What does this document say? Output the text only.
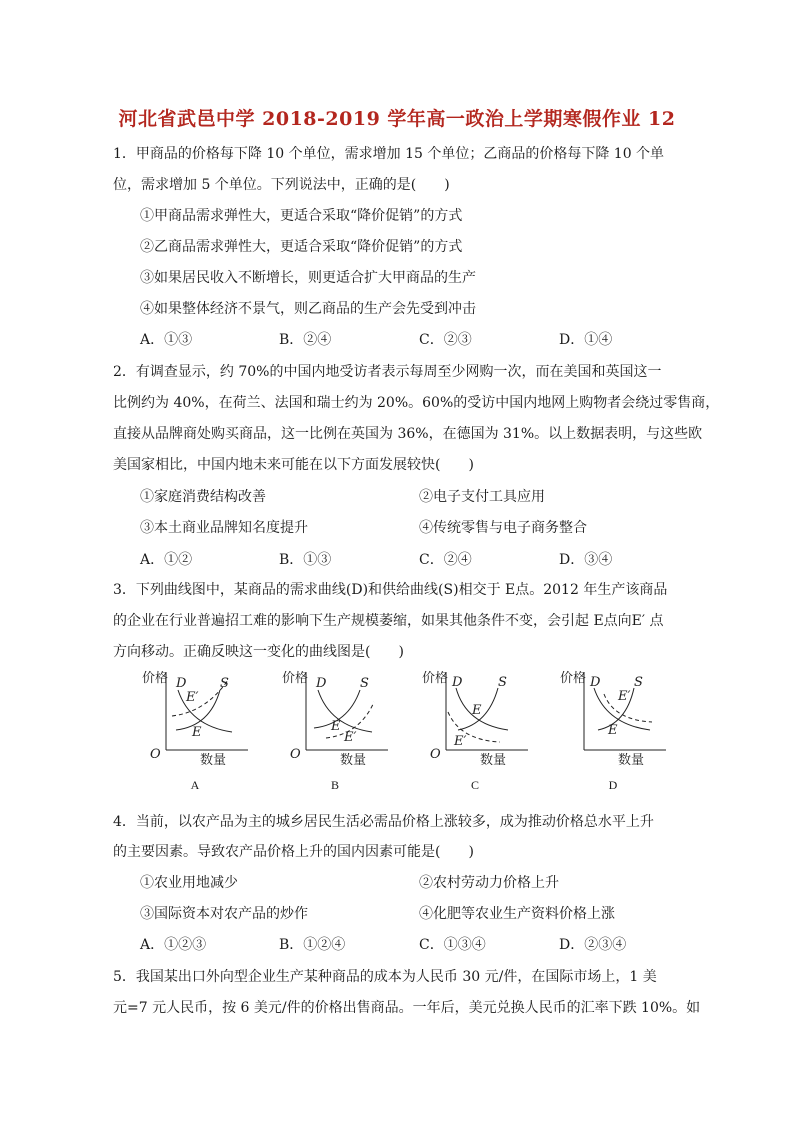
河北省武邑中学 2018-2019 学年高一政治上学期寒假作业 12
1．甲商品的价格每下降 10 个单位，需求增加 15 个单位；乙商品的价格每下降 10 个单
位，需求增加 5 个单位。下列说法中，正确的是(　　)
①甲商品需求弹性大，更适合采取“降价促销”的方式
②乙商品需求弹性大，更适合采取“降价促销”的方式
③如果居民收入不断增长，则更适合扩大甲商品的生产
④如果整体经济不景气，则乙商品的生产会先受到冲击
A．①③	B．②④	C．②③	D．①④
2．有调查显示，约 70%的中国内地受访者表示每周至少网购一次，而在美国和英国这一
比例约为 40%，在荷兰、法国和瑞士约为 20%。60%的受访中国内地网上购物者会绕过零售商，
直接从品牌商处购买商品，这一比例在英国为 36%，在德国为 31%。以上数据表明，与这些欧
美国家相比，中国内地未来可能在以下方面发展较快(　　)
①家庭消费结构改善	②电子支付工具应用
③本土商业品牌知名度提升	④传统零售与电子商务整合
A．①②	B．①③	C．②④	D．③④
3．下列曲线图中，某商品的需求曲线(D)和供给曲线(S)相交于 E点。2012 年生产该商品
的企业在行业普遍招工难的影响下生产规模萎缩，如果其他条件不变，会引起 E点向E′ 点
方向移动。正确反映这一变化的曲线图是(　　)
价格
数量
O
D	S
E′
E
A
价格
数量
O
D	S
E
E′
B
价格
数量
O
D	S
E
E′
C
价格
数量
D	S
E′
E
D
4．当前，以农产品为主的城乡居民生活必需品价格上涨较多，成为推动价格总水平上升
的主要因素。导致农产品价格上升的国内因素可能是(　　)
①农业用地减少	②农村劳动力价格上升
③国际资本对农产品的炒作	④化肥等农业生产资料价格上涨
A．①②③	B．①②④	C．①③④	D．②③④
5．我国某出口外向型企业生产某种商品的成本为人民币 30 元/件，在国际市场上，1 美
元=7 元人民币，按 6 美元/件的价格出售商品。一年后，美元兑换人民币的汇率下跌 10%。如
